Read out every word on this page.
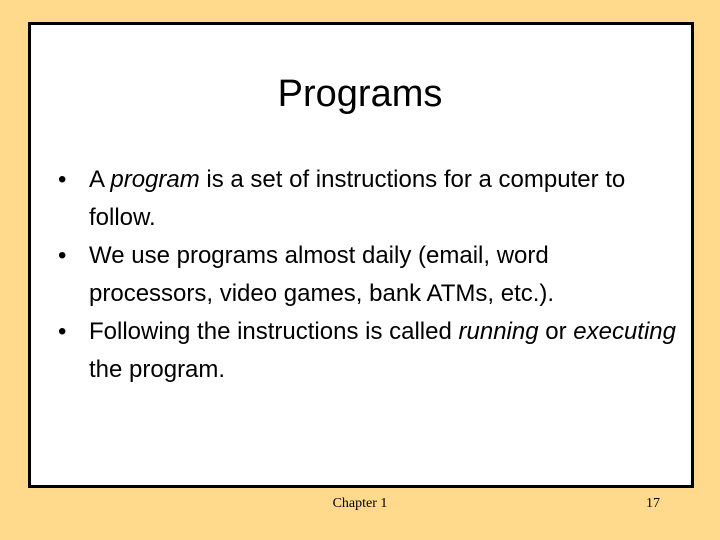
Programs
• A program is a set of instructions for a computer to follow.
• We use programs almost daily (email, word processors, video games, bank ATMs, etc.).
• Following the instructions is called running or executing the program.
Chapter 1	17
